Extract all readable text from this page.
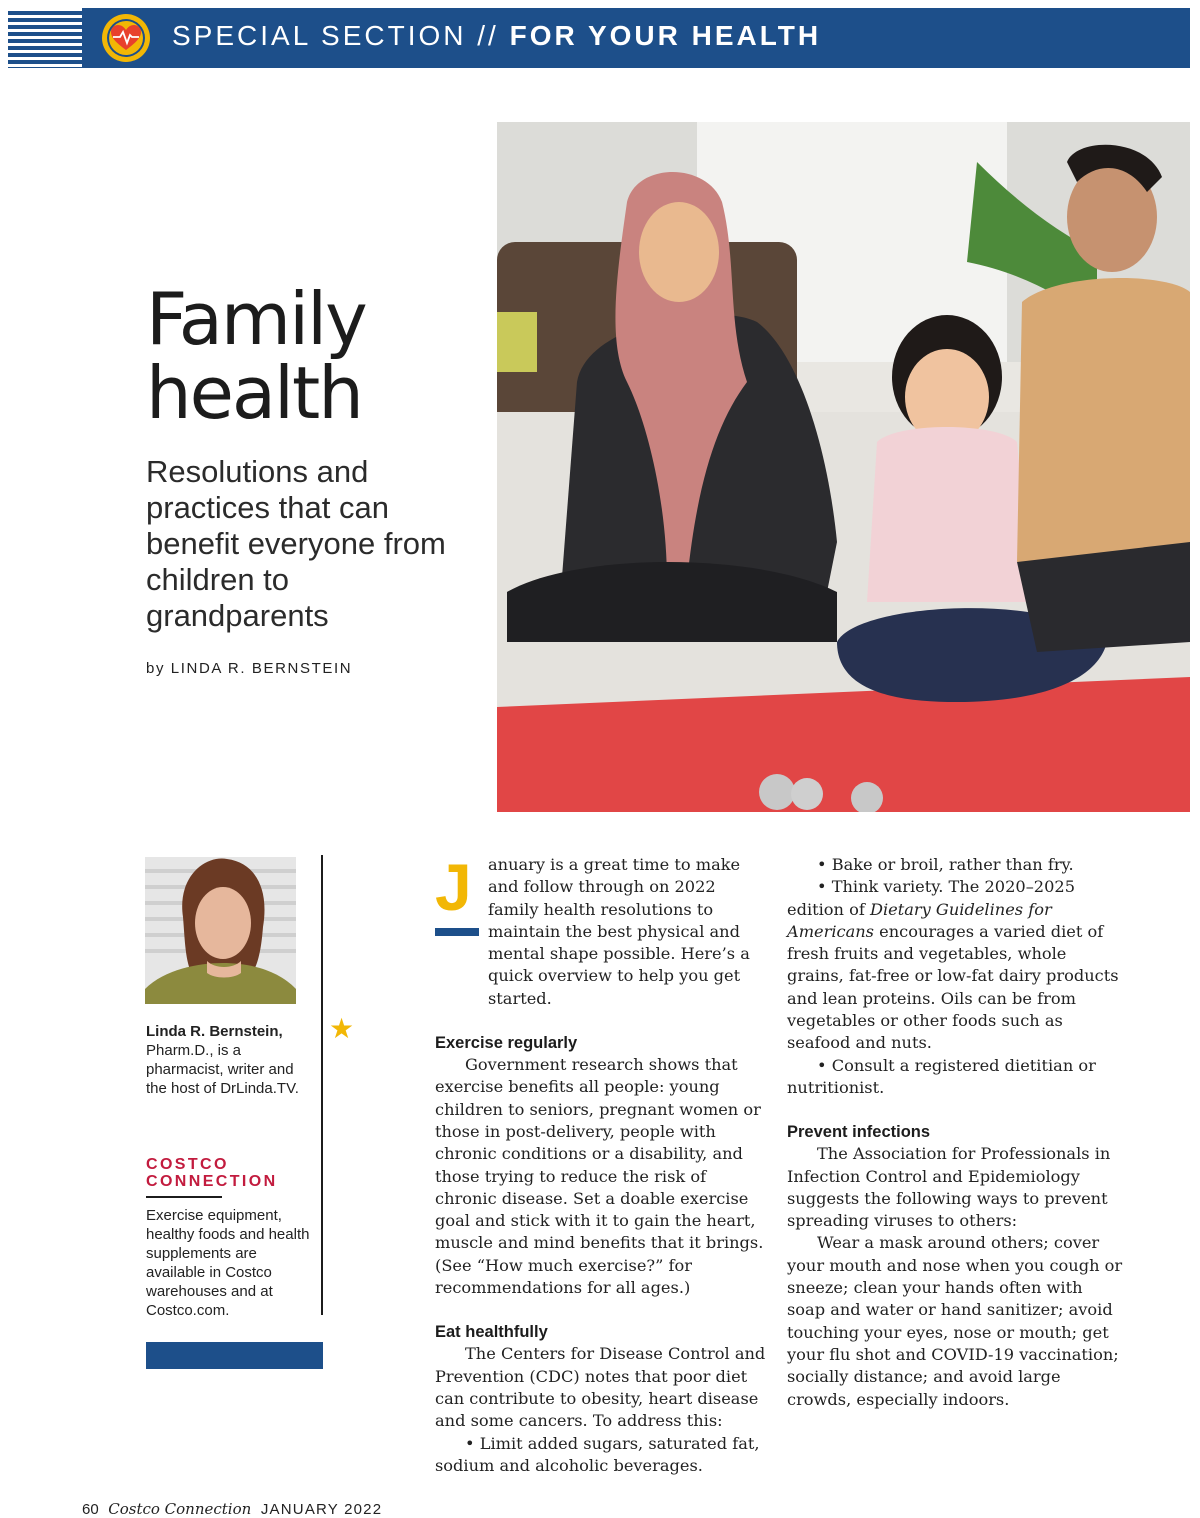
SPECIAL SECTION // FOR YOUR HEALTH
Family
health

Resolutions and practices that can benefit everyone from children to grandparents

by LINDA R. BERNSTEIN
★
Linda R. Bernstein,
Pharm.D., is a pharmacist, writer and the host of DrLinda.TV.
COSTCO
CONNECTION
Exercise equipment, healthy foods and health supplements are available in Costco warehouses and at Costco.com.
J anuary is a great time to make and follow through on 2022 family health resolutions to maintain the best physical and

mental shape possible. Here’s a quick overview to help you get started.

Exercise regularly

Government research shows that exercise benefits all people: young children to seniors, pregnant women or those in post-delivery, people with chronic conditions or a disability, and those trying to reduce the risk of chronic disease. Set a doable exercise goal and stick with it to gain the heart, muscle and mind benefits that it brings. (See “How much exercise?” for recommendations for all ages.)

Eat healthfully

The Centers for Disease Control and Prevention (CDC) notes that poor diet can contribute to obesity, heart disease and some cancers. To address this:

• Limit added sugars, saturated fat, sodium and alcoholic beverages.

• Bake or broil, rather than fry.

• Think variety. The 2020–2025 edition of Dietary Guidelines for Americans encourages a varied diet of fresh fruits and vegetables, whole grains, fat-free or low-fat dairy products and lean proteins. Oils can be from vegetables or other foods such as seafood and nuts.

• Consult a registered dietitian or nutritionist.

Prevent infections

The Association for Professionals in Infection Control and Epidemiology suggests the following ways to prevent spreading viruses to others:

Wear a mask around others; cover your mouth and nose when you cough or sneeze; clean your hands often with soap and water or hand sanitizer; avoid touching your eyes, nose or mouth; get your flu shot and COVID-19 vaccination; socially distance; and avoid large crowds, especially indoors.

60 Costco Connection JANUARY 2022
